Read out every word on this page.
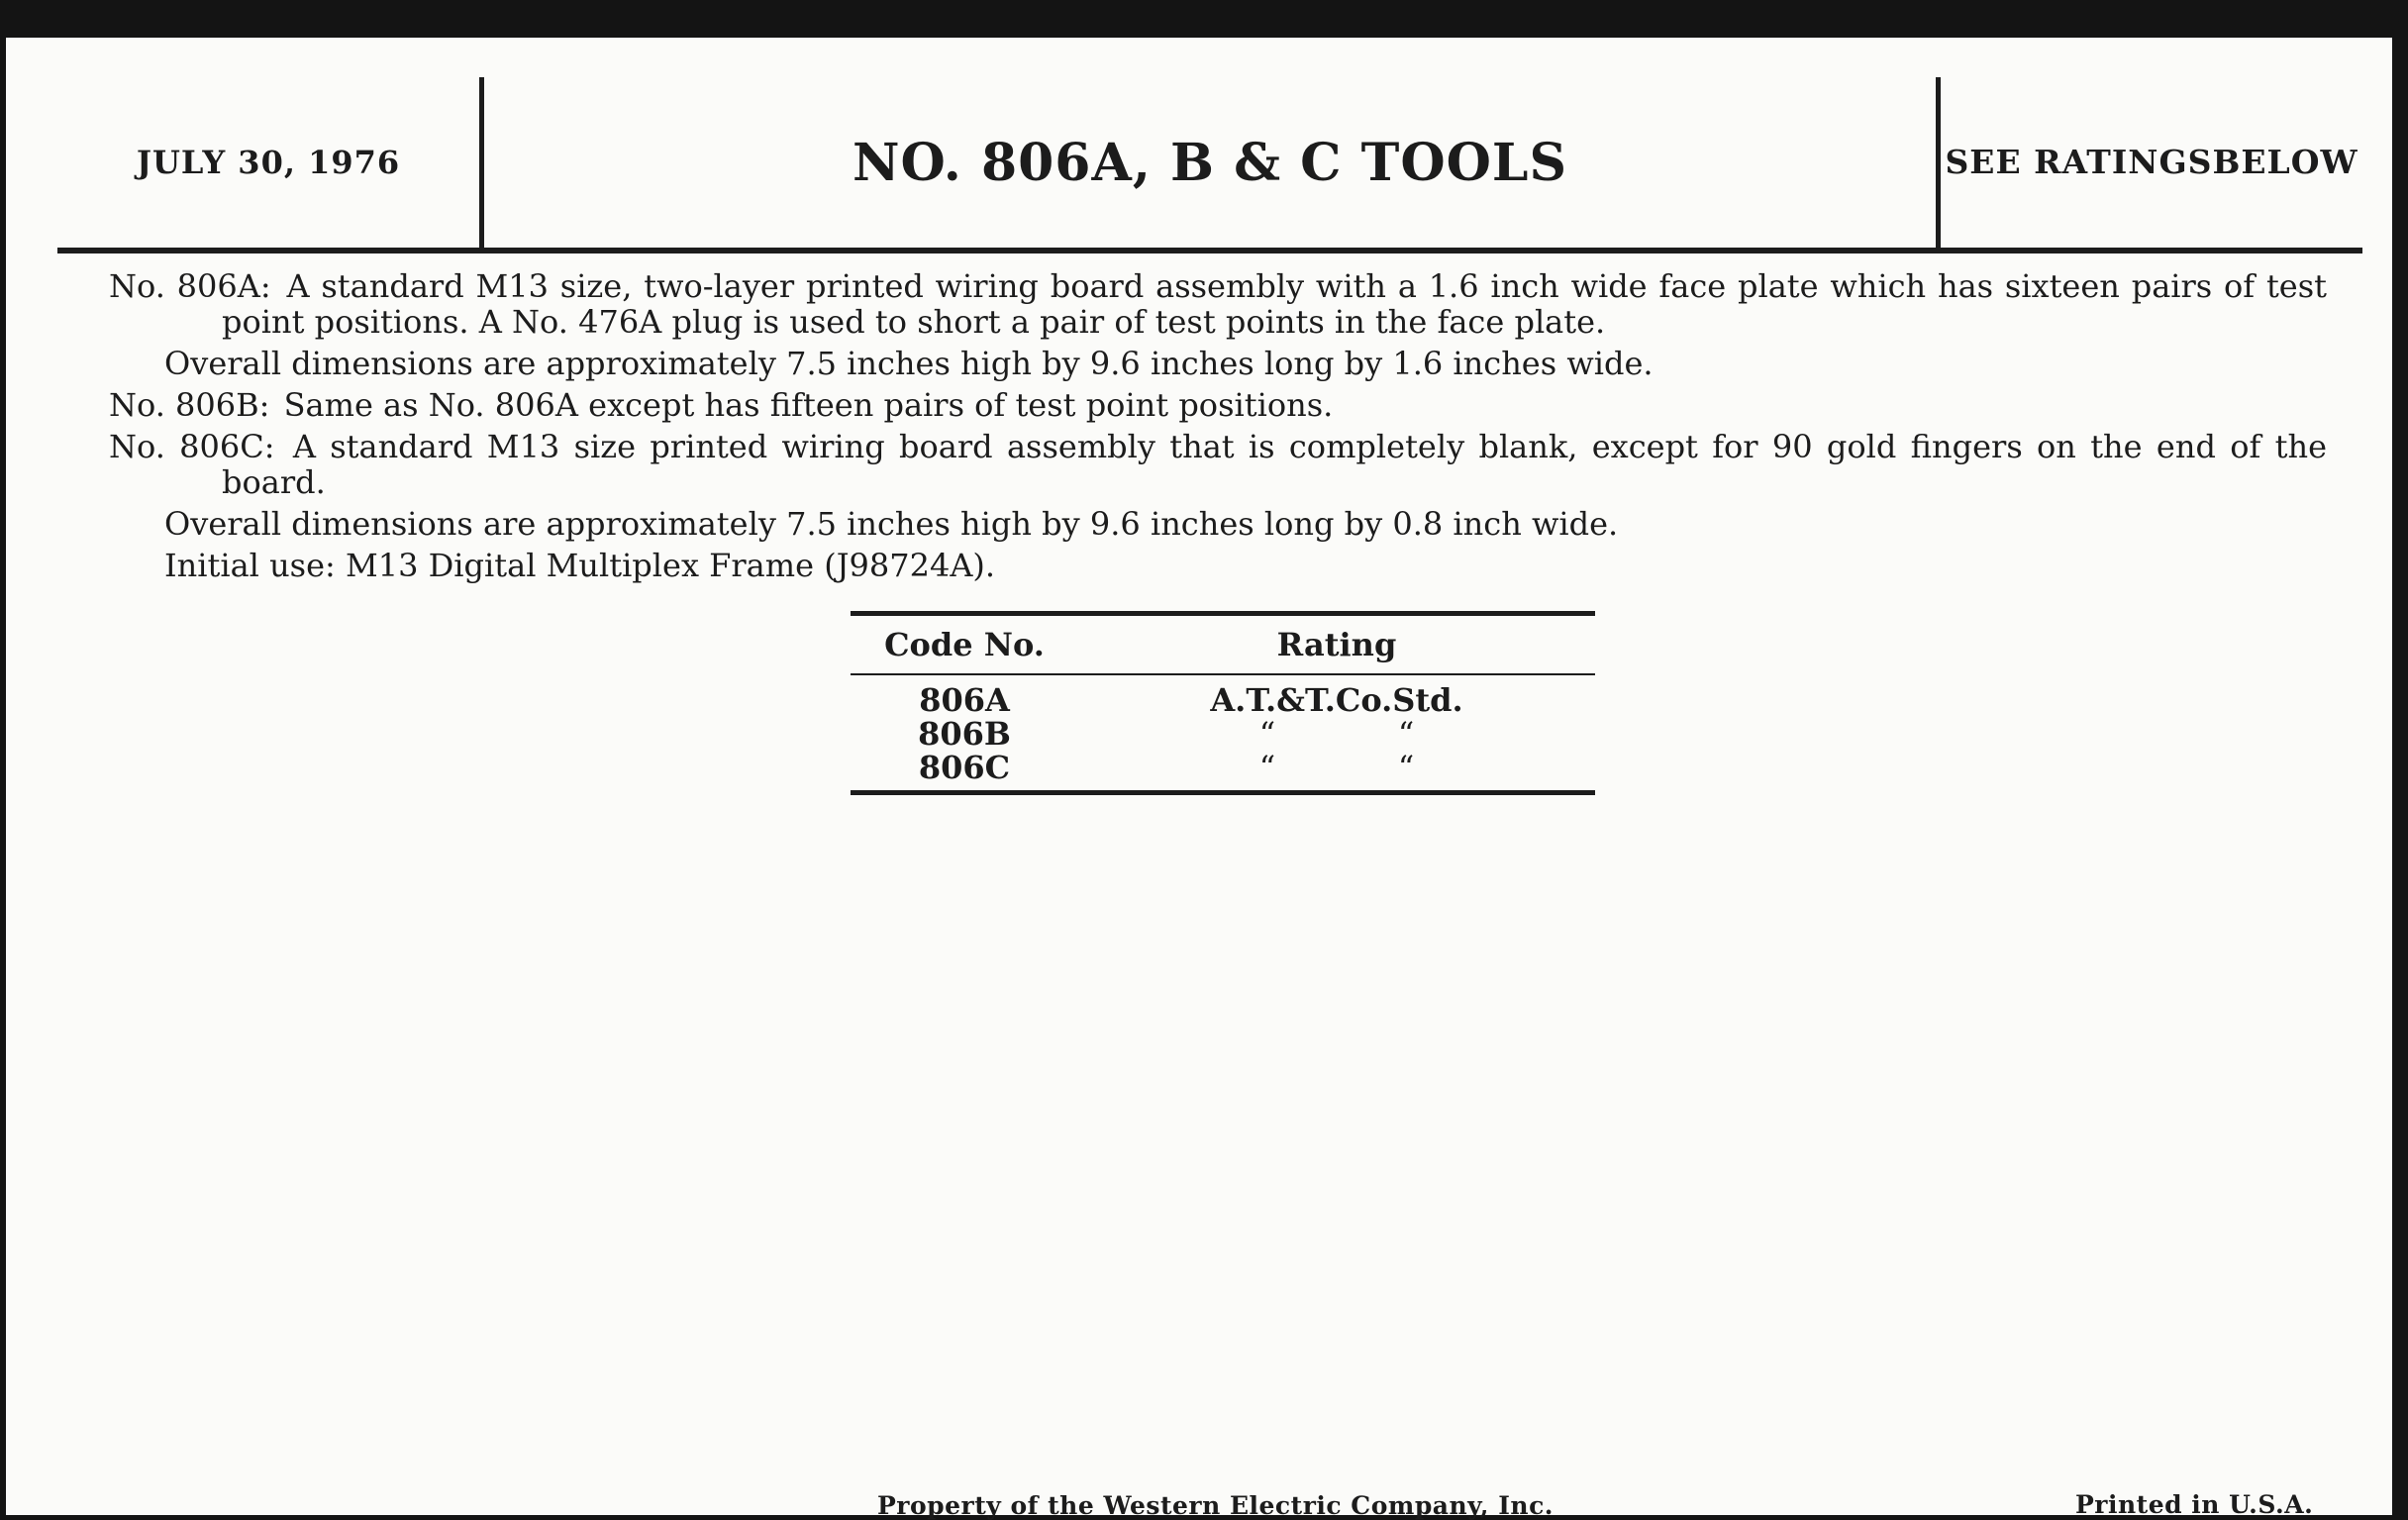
JULY 30, 1976	NO. 806A, B & C TOOLS	SEE RATINGS BELOW

No. 806A: A standard M13 size, two-layer printed wiring board assembly with a 1.6 inch wide face plate which has sixteen pairs of test point positions. A No. 476A plug is used to short a pair of test points in the face plate.

Overall dimensions are approximately 7.5 inches high by 9.6 inches long by 1.6 inches wide.

No. 806B: Same as No. 806A except has fifteen pairs of test point positions.

No. 806C: A standard M13 size printed wiring board assembly that is completely blank, except for 90 gold fingers on the end of the board.

Overall dimensions are approximately 7.5 inches high by 9.6 inches long by 0.8 inch wide.

Initial use: M13 Digital Multiplex Frame (J98724A).

Code No.	Rating
806A	A.T.&T.Co.Std.
806B	“	“
806C	“	“
Property of the Western Electric Company, Inc.	Printed in U.S.A.
